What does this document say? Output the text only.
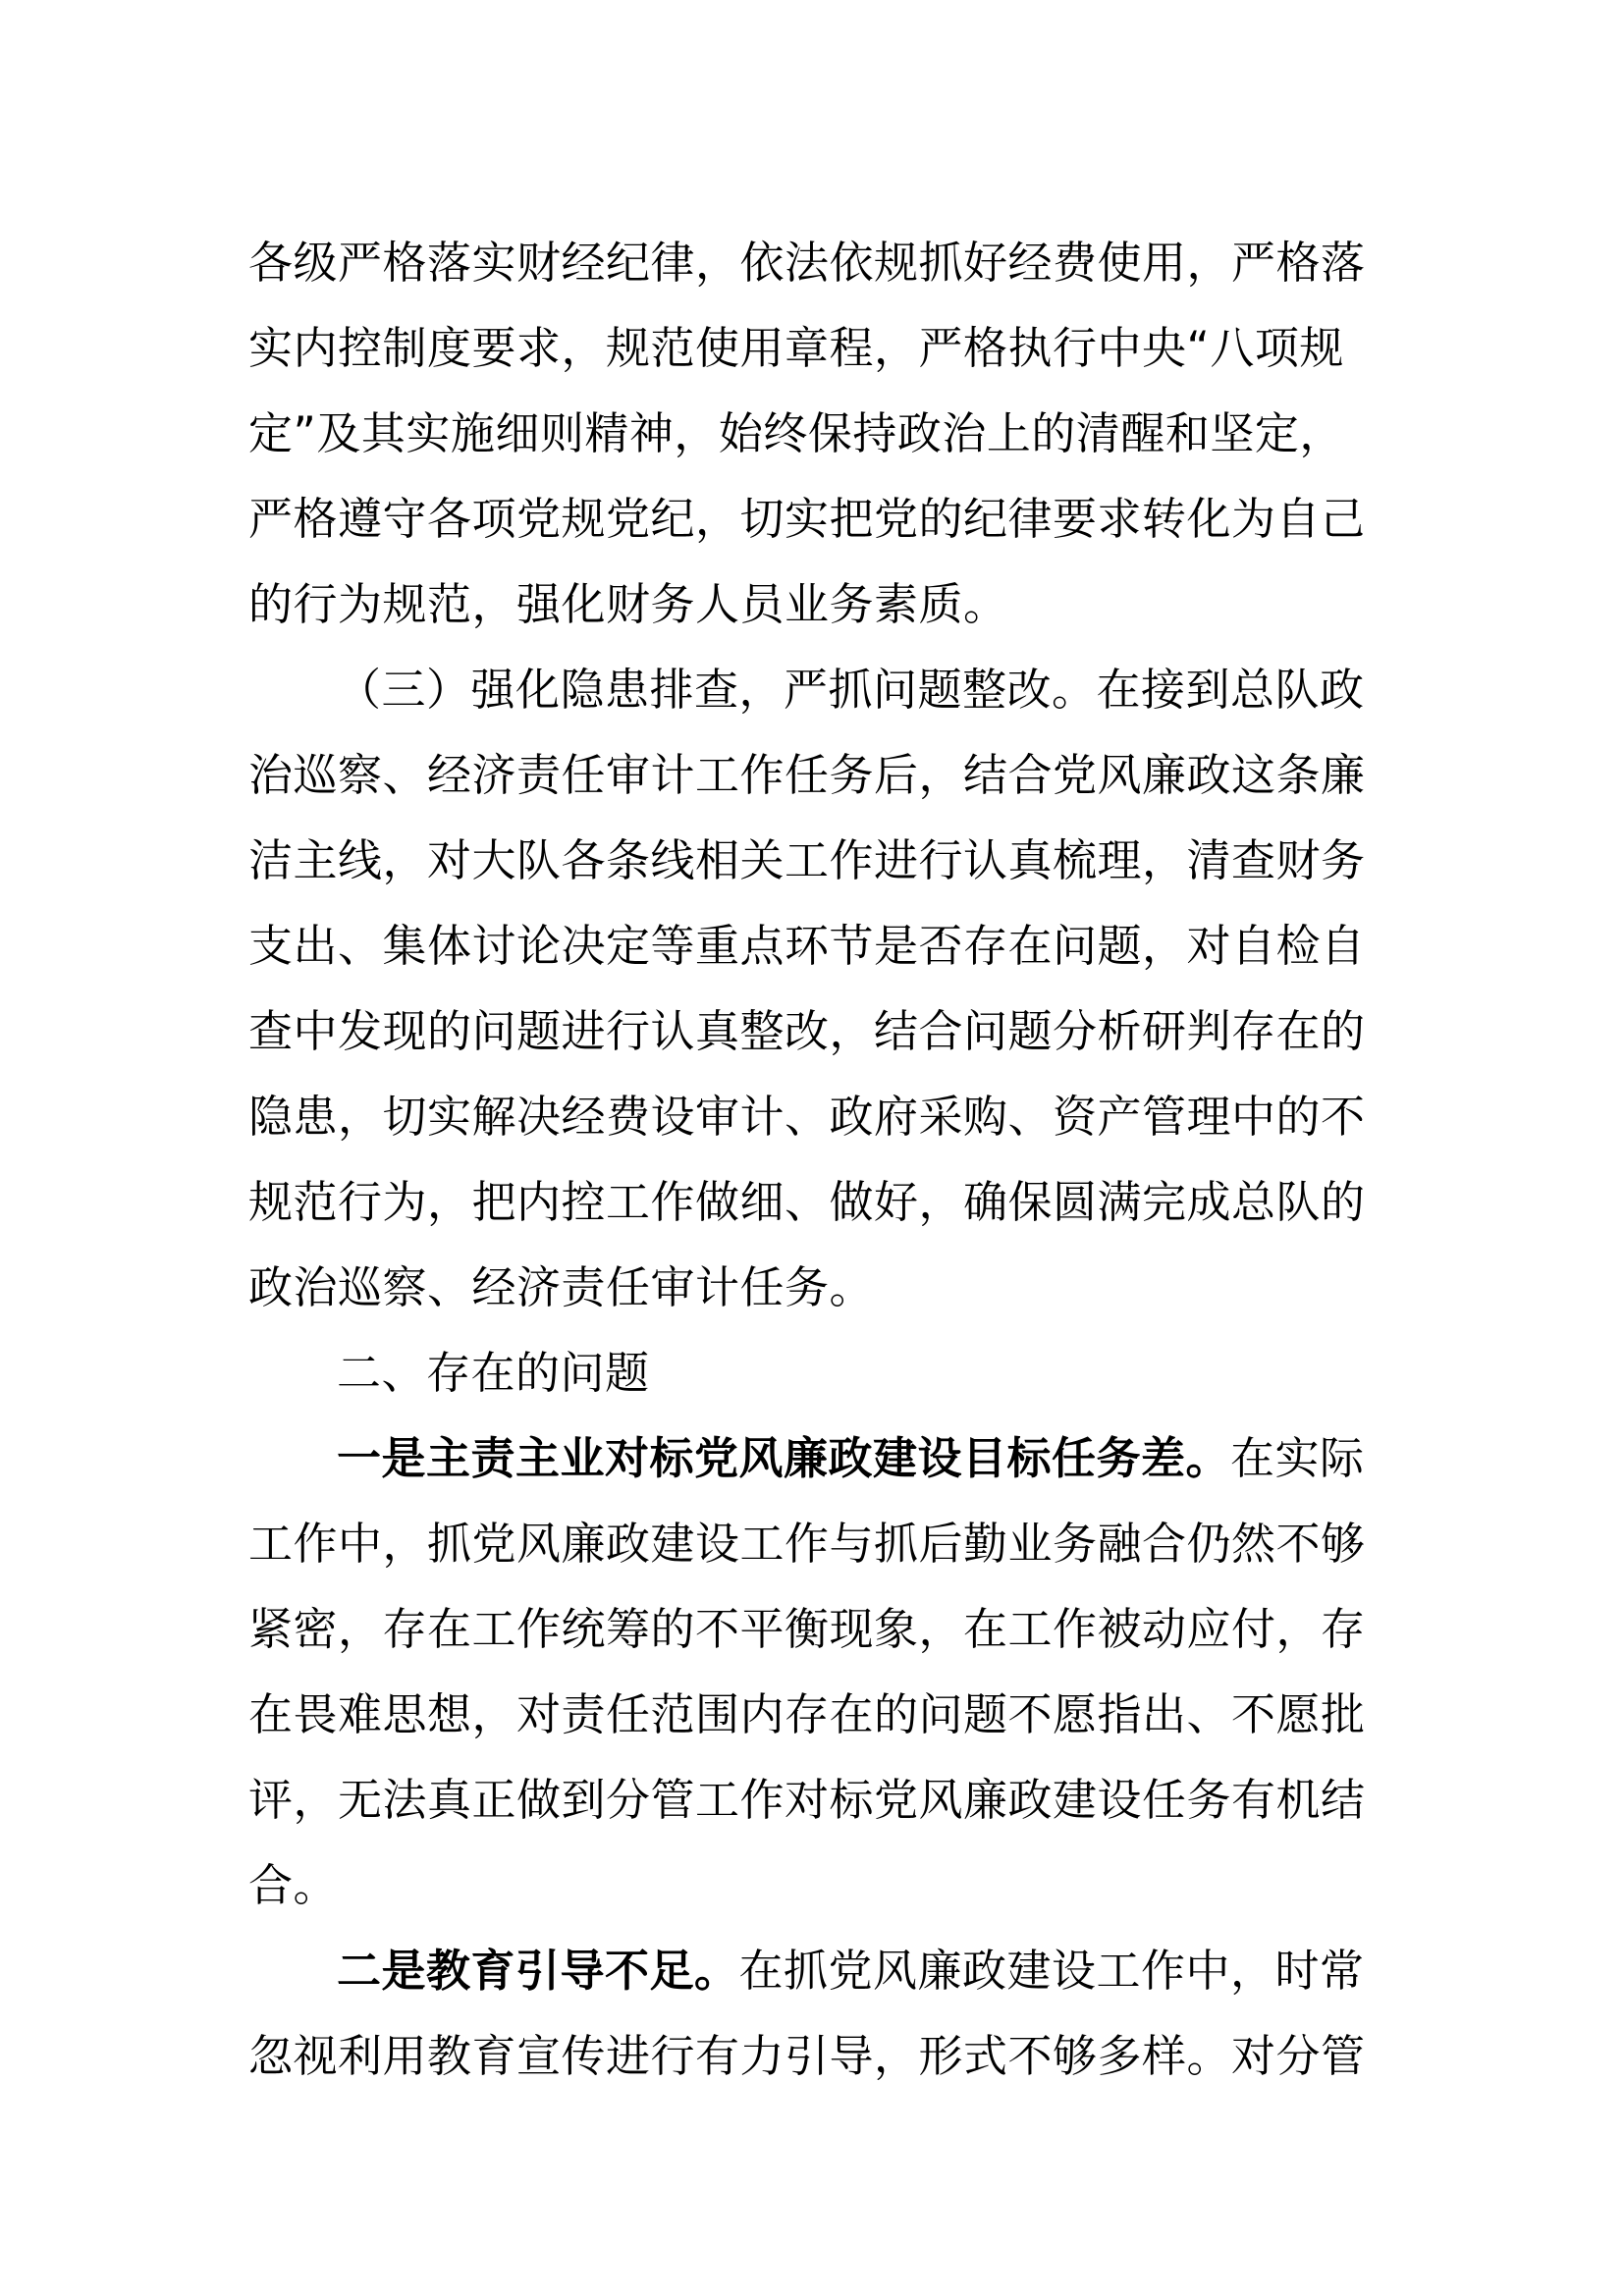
各级严格落实财经纪律，依法依规抓好经费使用，严格落
实内控制度要求，规范使用章程，严格执行中央“八项规
定”及其实施细则精神，始终保持政治上的清醒和坚定，
严格遵守各项党规党纪，切实把党的纪律要求转化为自己
的行为规范，强化财务人员业务素质。
（三）强化隐患排查，严抓问题整改。在接到总队政
治巡察、经济责任审计工作任务后，结合党风廉政这条廉
洁主线，对大队各条线相关工作进行认真梳理，清查财务
支出、集体讨论决定等重点环节是否存在问题，对自检自
查中发现的问题进行认真整改，结合问题分析研判存在的
隐患，切实解决经费设审计、政府采购、资产管理中的不
规范行为，把内控工作做细、做好，确保圆满完成总队的
政治巡察、经济责任审计任务。
二、存在的问题
一是主责主业对标党风廉政建设目标任务差。在实际
工作中，抓党风廉政建设工作与抓后勤业务融合仍然不够
紧密，存在工作统筹的不平衡现象，在工作被动应付，存
在畏难思想，对责任范围内存在的问题不愿指出、不愿批
评，无法真正做到分管工作对标党风廉政建设任务有机结
合。
二是教育引导不足。在抓党风廉政建设工作中，时常
忽视利用教育宣传进行有力引导，形式不够多样。对分管
